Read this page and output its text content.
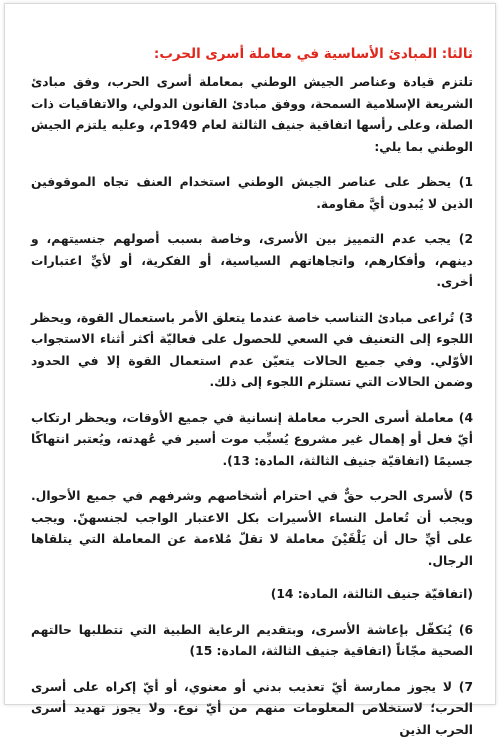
ثالثا: المبادئ الأساسية في معاملة أسرى الحرب:

تلتزم قيادة وعناصر الجيش الوطني بمعاملة أسرى الحرب، وفق مبادئ الشريعة الإسلامية السمحة، ووفق مبادئ القانون الدولي، والاتفاقيات ذات الصلة، وعلى رأسها اتفاقية جنيف الثالثة لعام 1949م، وعليه يلتزم الجيش الوطني بما يلي:

1) يحظر على عناصر الجيش الوطني استخدام العنف تجاه الموقوفين الذين لا يُبدون أيَّ مقاومة.

2) يجب عدم التمييز بين الأسرى، وخاصة بسبب أصولهم جنسيتهم، و دينهم، وأفكارهم، واتجاهاتهم السياسية، أو الفكرية، أو لأيِّ اعتبارات أخرى.

3) تُراعى مبادئ التناسب خاصة عندما يتعلق الأمر باستعمال القوة، ويحظر اللجوء إلى التعنيف في السعي للحصول على فعاليّة أكثر أثناء الاستجواب الأوّلي. وفي جميع الحالات يتعيّن عدم استعمال القوة إلا في الحدود وضمن الحالات التي تستلزم اللجوء إلى ذلك.

4) معاملة أسرى الحرب معاملة إنسانية في جميع الأوقات، ويحظر ارتكاب أيّ فعل أو إهمال غير مشروع يُسبِّب موت أسير في عُهدته، ويُعتبر انتهاكًا جسيمًا (اتفاقيّة جنيف الثالثة، المادة: 13).

5) لأسرى الحرب حقٌّ في احترام أشخاصهم وشرفهم في جميع الأحوال. ويجب أن تُعامل النساء الأسيرات بكل الاعتبار الواجب لجنسهنّ. ويجب على أيِّ حال أن يَلْقَيْنَ معاملة لا تقلّ مُلاءمة عن المعاملة التي يتلقاها الرجال.

(اتفاقيّة جنيف الثالثة، المادة: 14)

6) يُتكفّل بإعاشة الأسرى، وبتقديم الرعاية الطبية التي تتطلبها حالتهم الصحية مجّاناً (اتفاقية جنيف الثالثة، المادة: 15)

7) لا يجوز ممارسة أيّ تعذيب بدني أو معنوي، أو أيّ إكراه على أسرى الحرب؛ لاستخلاص المعلومات منهم من أيّ نوع. ولا يجوز تهديد أسرى الحرب الذين
